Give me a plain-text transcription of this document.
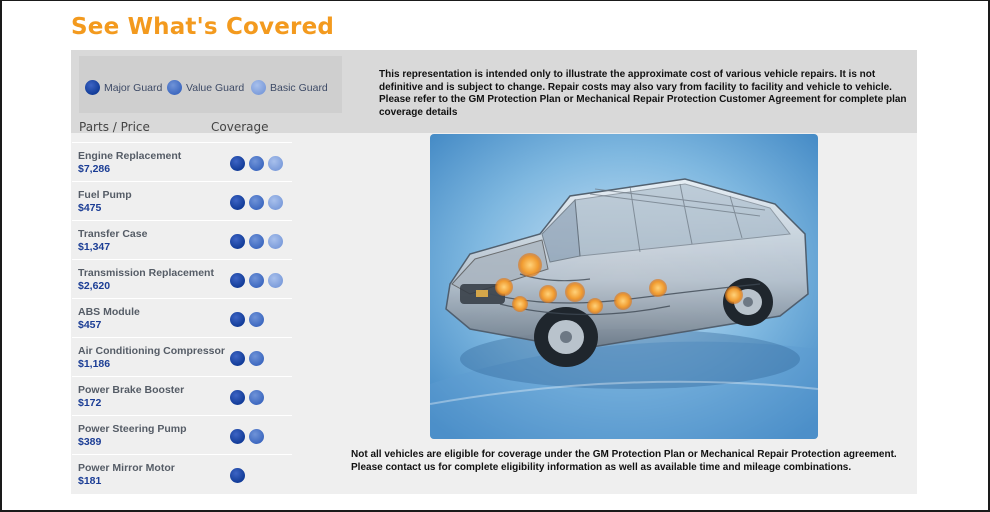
See What's Covered
Major Guard Value Guard Basic Guard

This representation is intended only to illustrate the approximate cost of various vehicle repairs. It is not definitive and is subject to change. Repair costs may also vary from facility to facility and vehicle to vehicle. Please refer to the GM Protection Plan or Mechanical Repair Protection Customer Agreement for complete plan coverage details

Parts / Price	Coverage
Engine Replacement
$7,286
Fuel Pump
$475
Transfer Case
$1,347
Transmission Replacement
$2,620
ABS Module
$457
Air Conditioning Compressor
$1,186
Power Brake Booster
$172
Power Steering Pump
$389
Power Mirror Motor
$181

Not all vehicles are eligible for coverage under the GM Protection Plan or Mechanical Repair Protection agreement. Please contact us for complete eligibility information as well as available time and mileage combinations.
